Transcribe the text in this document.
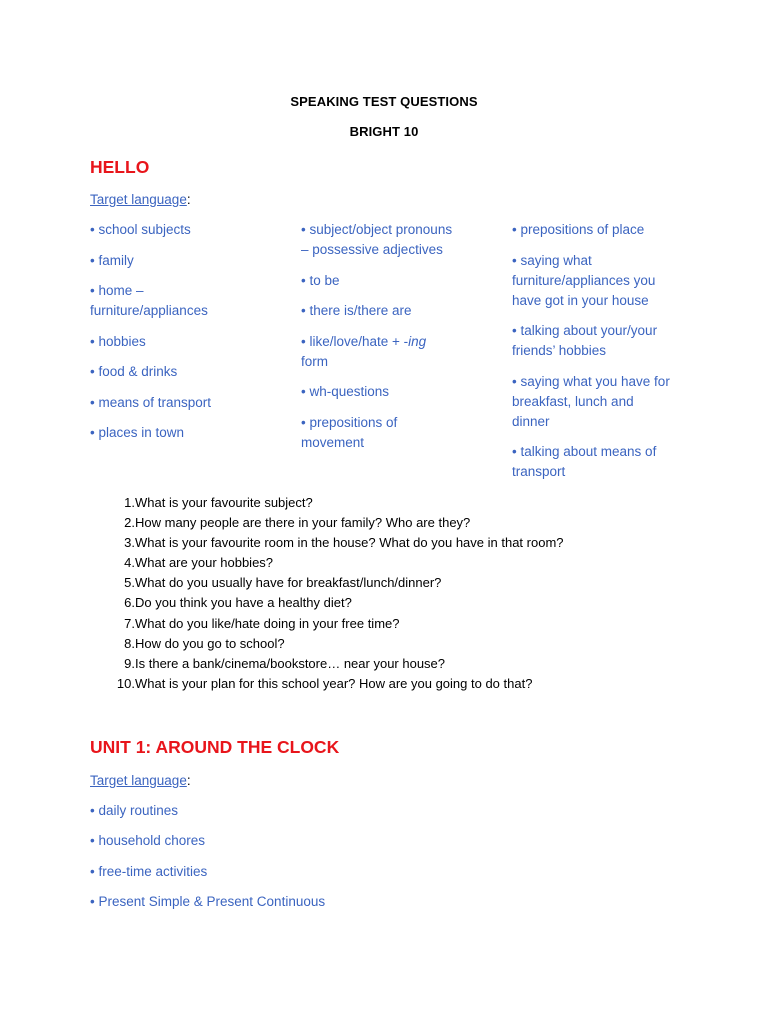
SPEAKING TEST QUESTIONS
BRIGHT 10
HELLO
Target language:
• school subjects
• family
• home –
furniture/appliances
• hobbies
• food & drinks
• means of transport
• places in town
• subject/object pronouns
– possessive adjectives
• to be
• there is/there are
• like/love/hate + -ing
form
• wh-questions
• prepositions of
movement
• prepositions of place
• saying what
furniture/appliances you
have got in your house
• talking about your/your
friends’ hobbies
• saying what you have for
breakfast, lunch and
dinner
• talking about means of
transport
1. What is your favourite subject?
2. How many people are there in your family? Who are they?
3. What is your favourite room in the house? What do you have in that room?
4. What are your hobbies?
5. What do you usually have for breakfast/lunch/dinner?
6. Do you think you have a healthy diet?
7. What do you like/hate doing in your free time?
8. How do you go to school?
9. Is there a bank/cinema/bookstore… near your house?
10. What is your plan for this school year? How are you going to do that?
UNIT 1: AROUND THE CLOCK
Target language:
• daily routines
• household chores
• free-time activities
• Present Simple & Present Continuous
